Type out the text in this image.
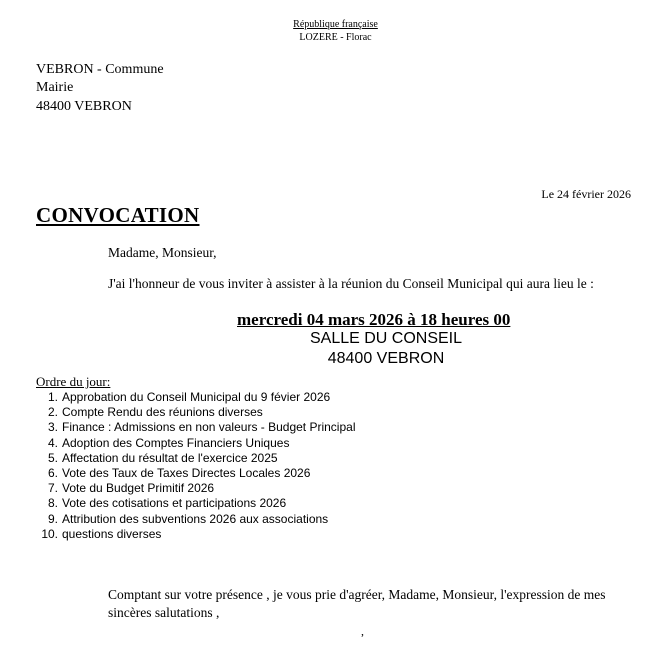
République française
LOZERE - Florac
VEBRON - Commune
Mairie
48400 VEBRON
Le 24 février 2026
CONVOCATION
Madame, Monsieur,
J'ai l'honneur de vous inviter à assister à la réunion du Conseil Municipal qui aura lieu le :
mercredi 04 mars 2026 à 18 heures 00
SALLE DU CONSEIL
48400 VEBRON
Ordre du jour:
1. Approbation du Conseil Municipal du 9 févier 2026
2. Compte Rendu des réunions diverses
3. Finance : Admissions en non valeurs - Budget Principal
4. Adoption des Comptes Financiers Uniques
5. Affectation du résultat de l'exercice 2025
6. Vote des Taux de Taxes Directes Locales 2026
7. Vote du Budget Primitif 2026
8. Vote des cotisations et participations 2026
9. Attribution des subventions 2026 aux associations
10. questions diverses
Comptant sur votre présence , je vous prie d'agréer, Madame, Monsieur, l'expression de mes sincères salutations ,
,
